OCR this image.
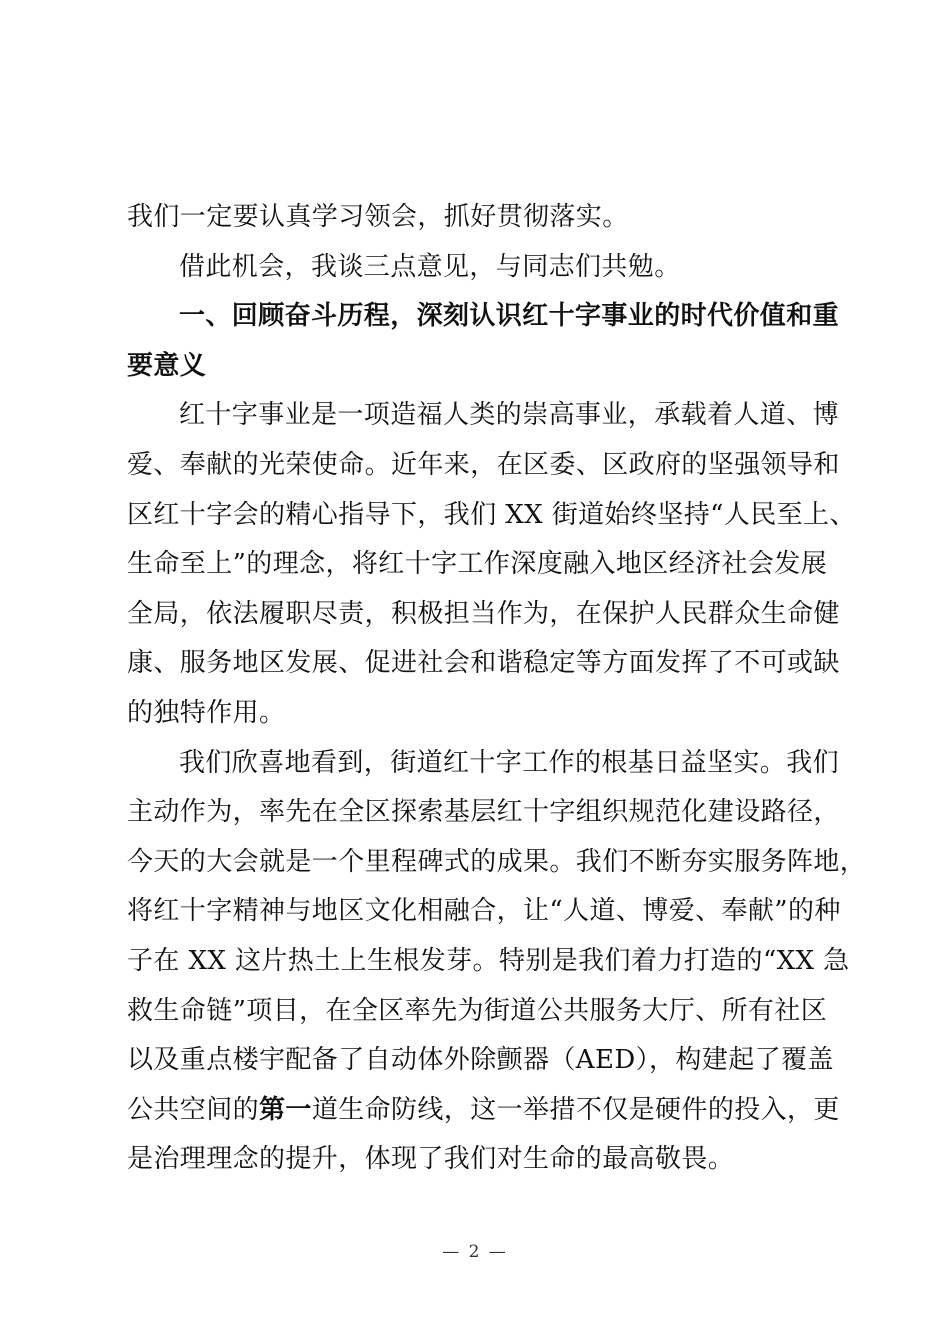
我们一定要认真学习领会，抓好贯彻落实。
借此机会，我谈三点意见，与同志们共勉。
一、回顾奋斗历程，深刻认识红十字事业的时代价值和重
要意义
红十字事业是一项造福人类的崇高事业，承载着人道、博
爱、奉献的光荣使命。近年来，在区委、区政府的坚强领导和
区红十字会的精心指导下，我们 XX 街道始终坚持“人民至上、
生命至上”的理念，将红十字工作深度融入地区经济社会发展
全局，依法履职尽责，积极担当作为，在保护人民群众生命健
康、服务地区发展、促进社会和谐稳定等方面发挥了不可或缺
的独特作用。
我们欣喜地看到，街道红十字工作的根基日益坚实。我们
主动作为，率先在全区探索基层红十字组织规范化建设路径，
今天的大会就是一个里程碑式的成果。我们不断夯实服务阵地，
将红十字精神与地区文化相融合，让“人道、博爱、奉献”的种
子在 XX 这片热土上生根发芽。特别是我们着力打造的“XX 急
救生命链”项目，在全区率先为街道公共服务大厅、所有社区
以及重点楼宇配备了自动体外除颤器（AED），构建起了覆盖
公共空间的第一道生命防线，这一举措不仅是硬件的投入，更
是治理理念的提升，体现了我们对生命的最高敬畏。
— 2 —
